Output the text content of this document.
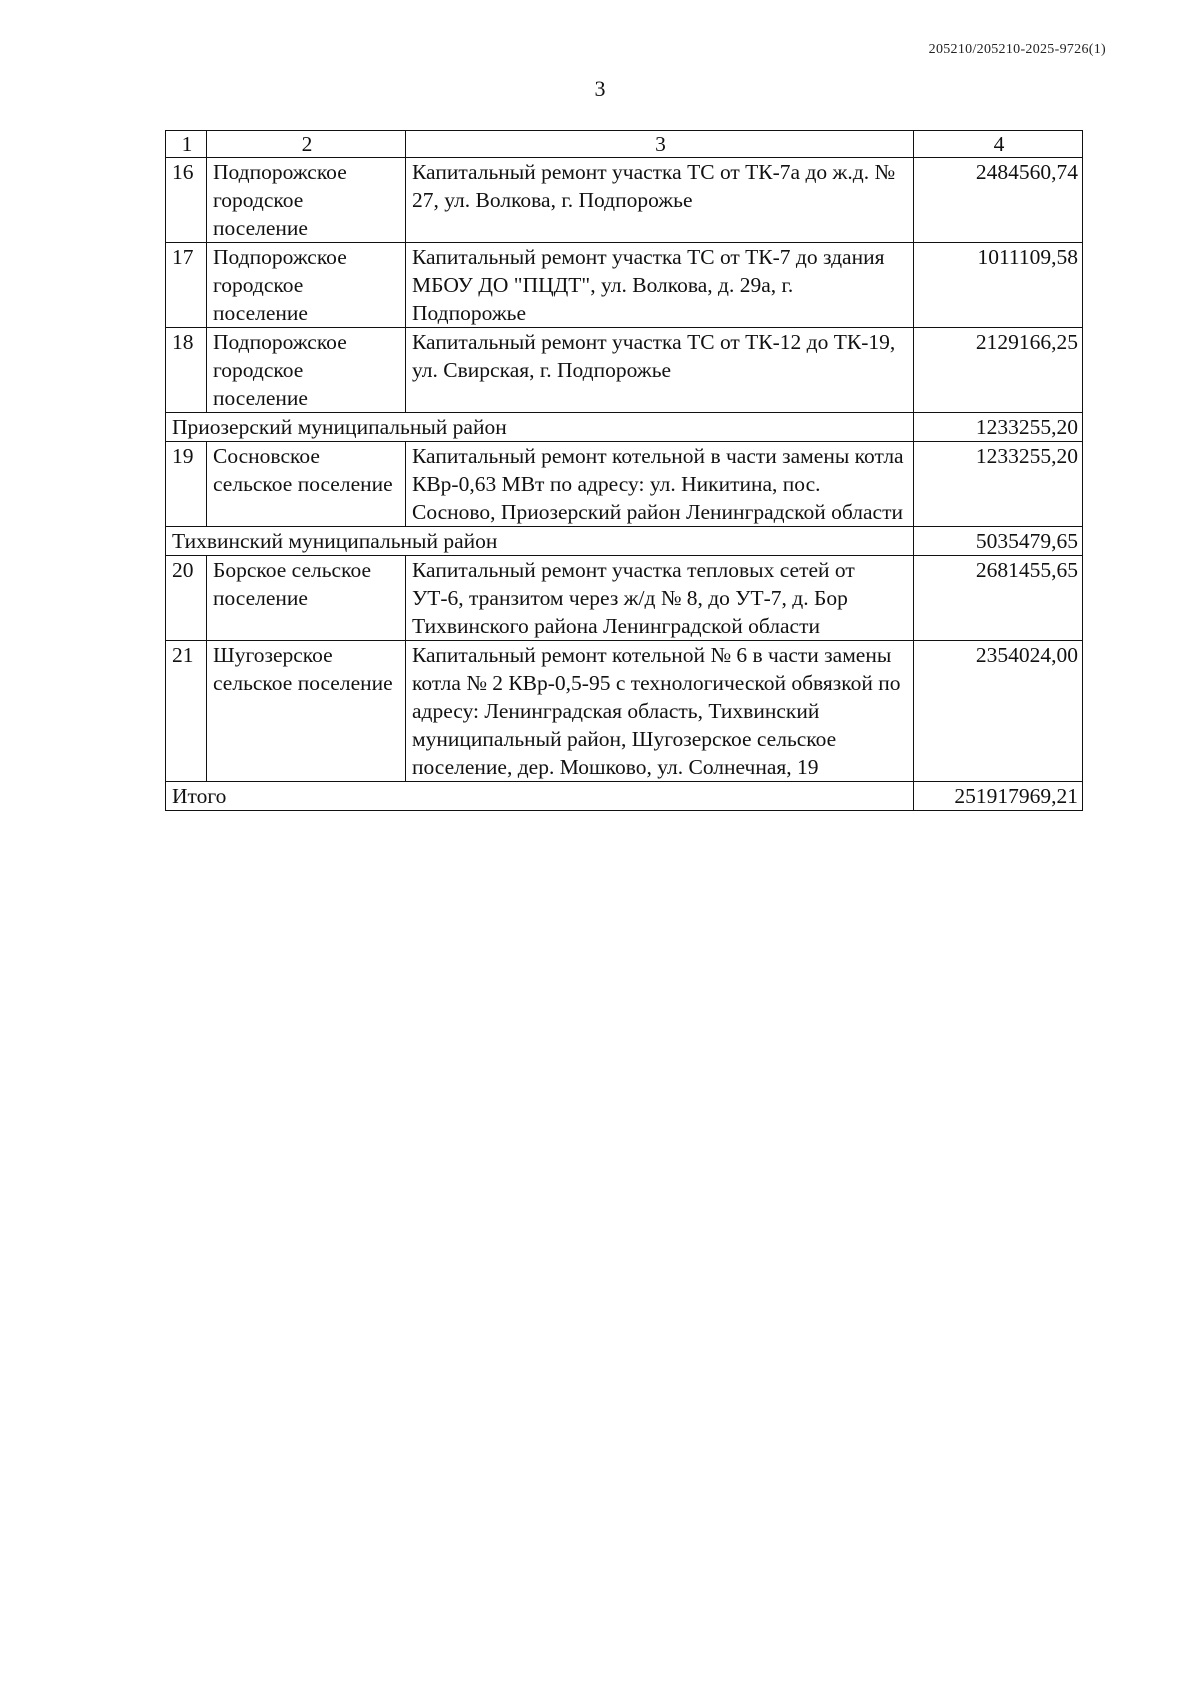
205210/205210-2025-9726(1)
3
1	2	3	4
16	Подпорожское городское поселение	Капитальный ремонт участка ТС от ТК-7а до ж.д. № 27, ул. Волкова, г. Подпорожье	2484560,74
17	Подпорожское городское поселение	Капитальный ремонт участка ТС от ТК-7 до здания МБОУ ДО "ПЦДТ", ул. Волкова, д. 29а, г. Подпорожье	1011109,58
18	Подпорожское городское поселение	Капитальный ремонт участка ТС от ТК-12 до ТК-19, ул. Свирская, г. Подпорожье	2129166,25
Приозерский муниципальный район			1233255,20
19	Сосновское сельское поселение	Капитальный ремонт котельной в части замены котла КВр-0,63 МВт по адресу: ул. Никитина, пос. Сосново, Приозерский район Ленинградской области	1233255,20
Тихвинский муниципальный район			5035479,65
20	Борское сельское поселение	Капитальный ремонт участка тепловых сетей от УТ-6, транзитом через ж/д № 8, до УТ-7, д. Бор Тихвинского района Ленинградской области	2681455,65
21	Шугозерское сельское поселение	Капитальный ремонт котельной № 6 в части замены котла № 2 КВр-0,5-95 с технологической обвязкой по адресу: Ленинградская область, Тихвинский муниципальный район, Шугозерское сельское поселение, дер. Мошково, ул. Солнечная, 19	2354024,00
Итого			251917969,21
